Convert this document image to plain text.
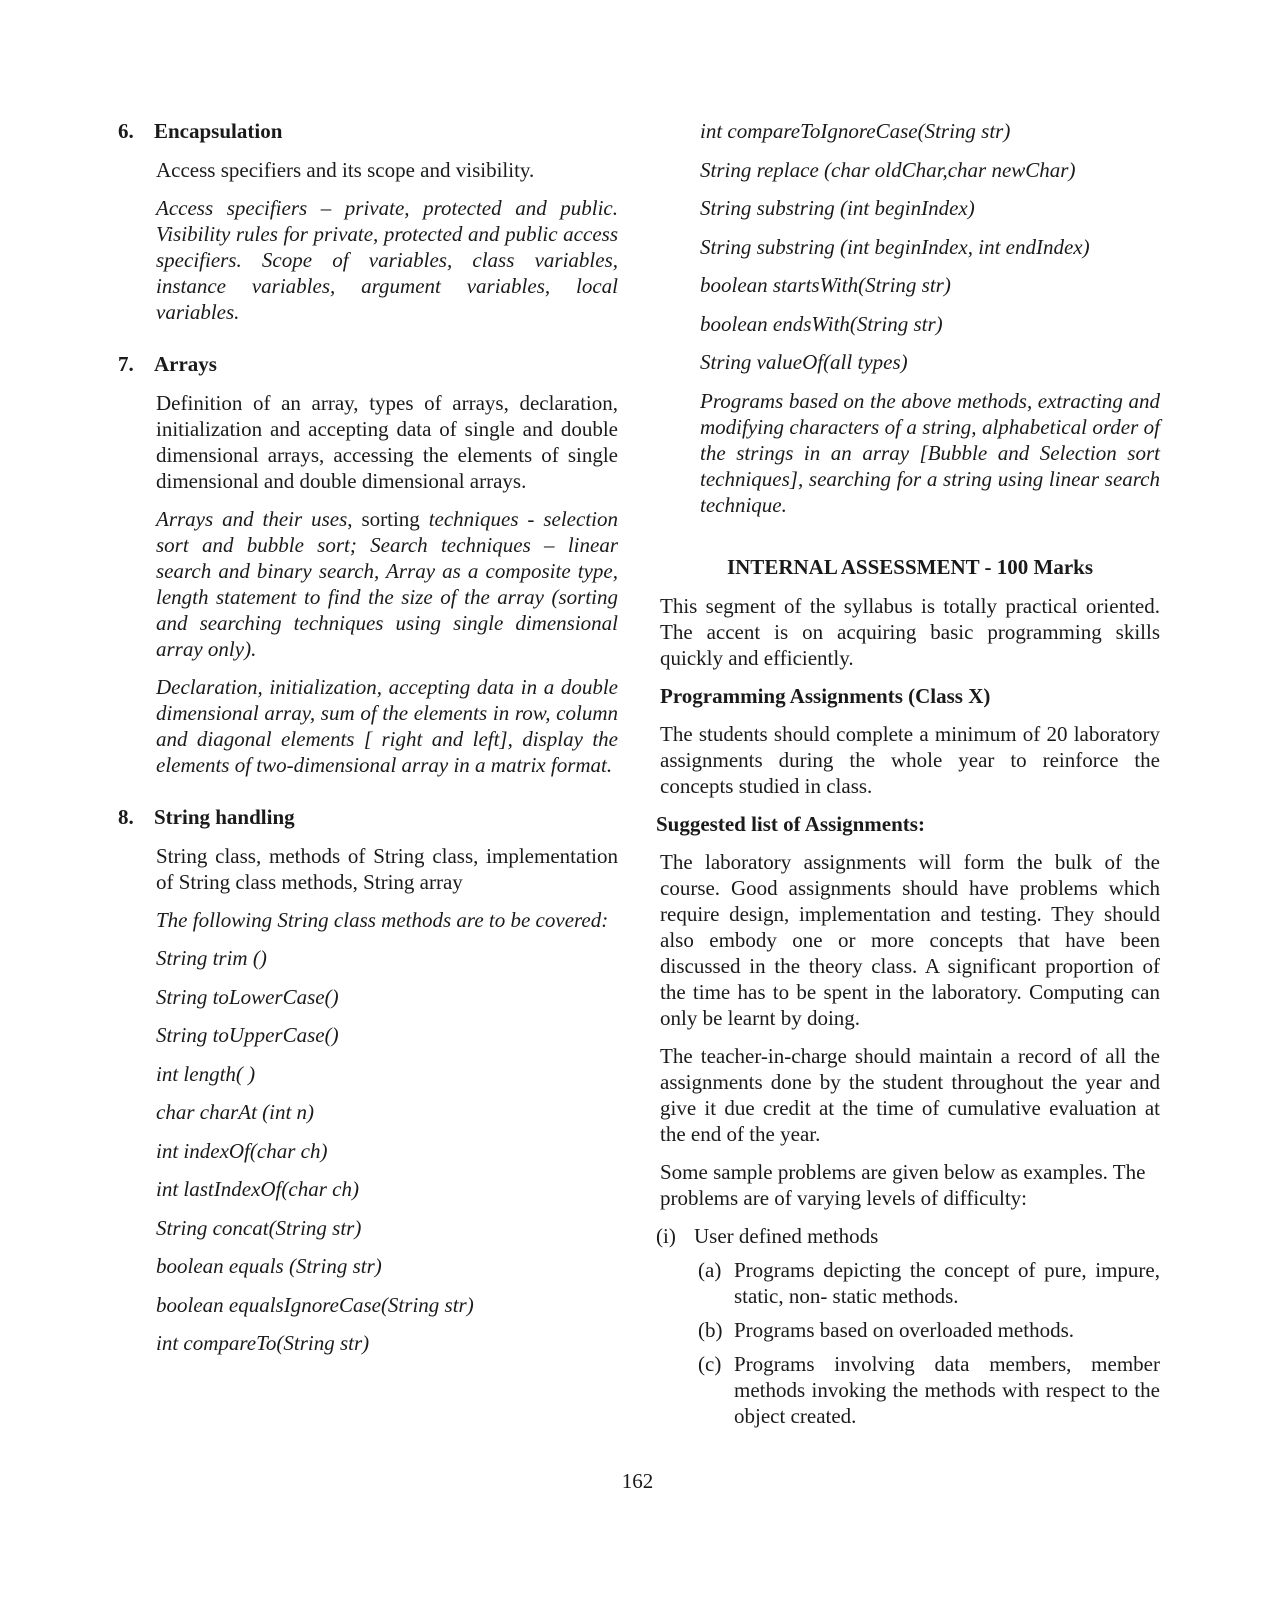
6. Encapsulation

Access specifiers and its scope and visibility.

Access specifiers – private, protected and public. Visibility rules for private, protected and public access specifiers. Scope of variables, class variables, instance variables, argument variables, local variables.

7. Arrays

Definition of an array, types of arrays, declaration, initialization and accepting data of single and double dimensional arrays, accessing the elements of single dimensional and double dimensional arrays.

Arrays and their uses, sorting techniques - selection sort and bubble sort; Search techniques – linear search and binary search, Array as a composite type, length statement to find the size of the array (sorting and searching techniques using single dimensional array only).

Declaration, initialization, accepting data in a double dimensional array, sum of the elements in row, column and diagonal elements [ right and left], display the elements of two-dimensional array in a matrix format.

8. String handling

String class, methods of String class, implementation of String class methods, String array

The following String class methods are to be covered:

String trim ()
String toLowerCase()
String toUpperCase()
int length( )
char charAt (int n)
int indexOf(char ch)
int lastIndexOf(char ch)
String concat(String str)
boolean equals (String str)
boolean equalsIgnoreCase(String str)
int compareTo(String str)
int compareToIgnoreCase(String str)
String replace (char oldChar,char newChar)
String substring (int beginIndex)
String substring (int beginIndex, int endIndex)
boolean startsWith(String str)
boolean endsWith(String str)
String valueOf(all types)

Programs based on the above methods, extracting and modifying characters of a string, alphabetical order of the strings in an array [Bubble and Selection sort techniques], searching for a string using linear search technique.

INTERNAL ASSESSMENT - 100 Marks

This segment of the syllabus is totally practical oriented. The accent is on acquiring basic programming skills quickly and efficiently.

Programming Assignments (Class X)

The students should complete a minimum of 20 laboratory assignments during the whole year to reinforce the concepts studied in class.

Suggested list of Assignments:

The laboratory assignments will form the bulk of the course. Good assignments should have problems which require design, implementation and testing. They should also embody one or more concepts that have been discussed in the theory class. A significant proportion of the time has to be spent in the laboratory. Computing can only be learnt by doing.

The teacher-in-charge should maintain a record of all the assignments done by the student throughout the year and give it due credit at the time of cumulative evaluation at the end of the year.

Some sample problems are given below as examples. The problems are of varying levels of difficulty:

(i) User defined methods
(a) Programs depicting the concept of pure, impure, static, non- static methods.
(b) Programs based on overloaded methods.
(c) Programs involving data members, member methods invoking the methods with respect to the object created.
162
